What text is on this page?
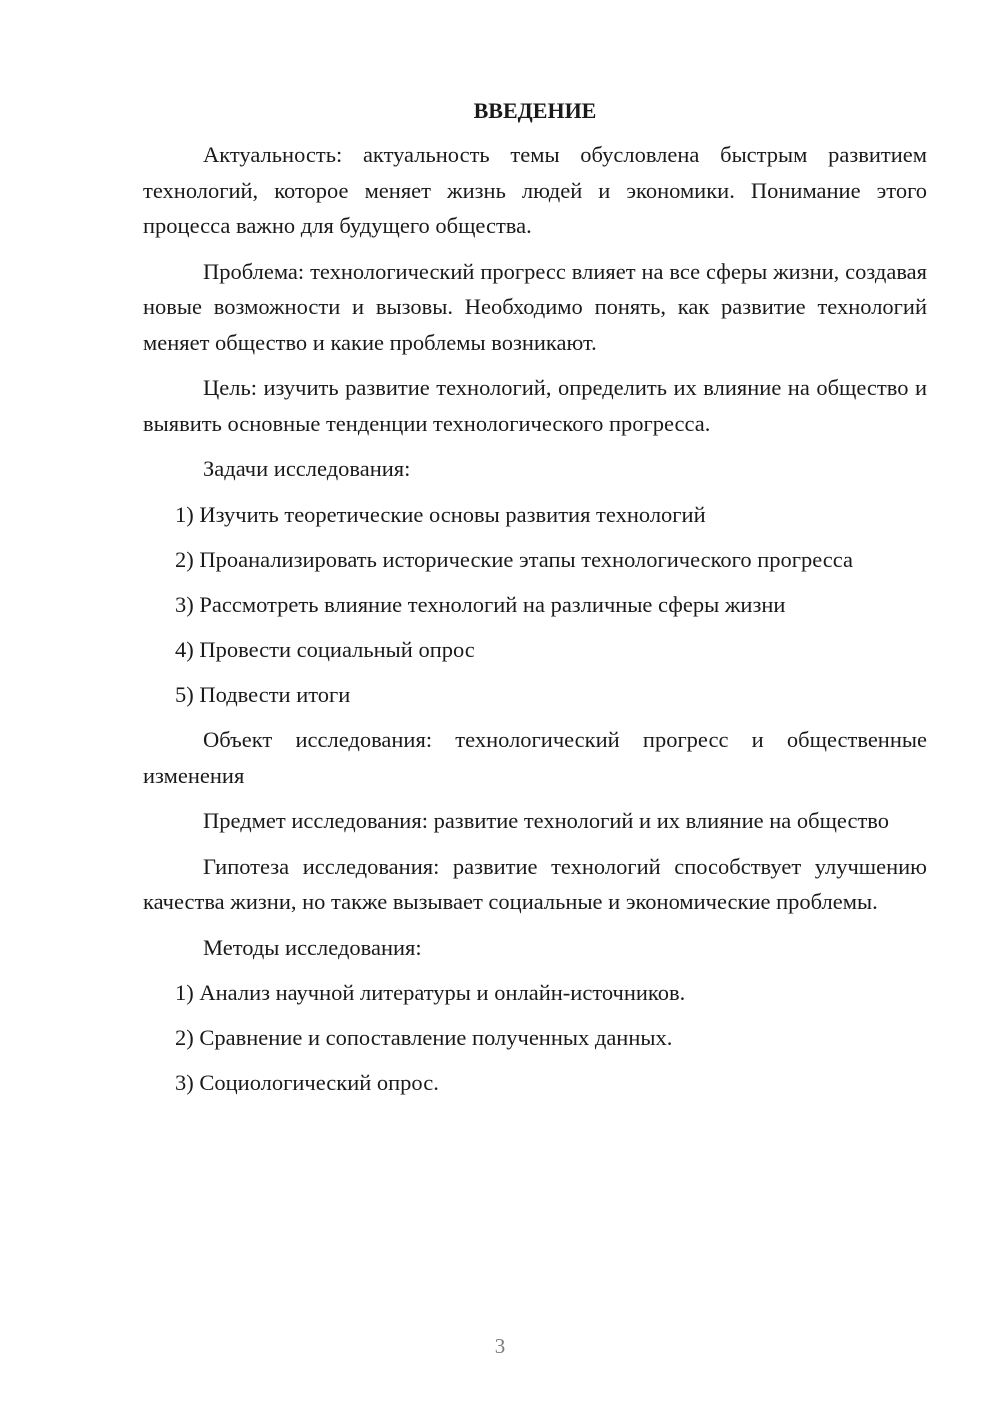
ВВЕДЕНИЕ

Актуальность: актуальность темы обусловлена быстрым развитием технологий, которое меняет жизнь людей и экономики. Понимание этого процесса важно для будущего общества.

Проблема: технологический прогресс влияет на все сферы жизни, создавая новые возможности и вызовы. Необходимо понять, как развитие технологий меняет общество и какие проблемы возникают.

Цель: изучить развитие технологий, определить их влияние на общество и выявить основные тенденции технологического прогресса.

Задачи исследования:

1) Изучить теоретические основы развития технологий
2) Проанализировать исторические этапы технологического прогресса
3) Рассмотреть влияние технологий на различные сферы жизни
4) Провести социальный опрос
5) Подвести итоги

Объект исследования: технологический прогресс и общественные изменения

Предмет исследования: развитие технологий и их влияние на общество

Гипотеза исследования: развитие технологий способствует улучшению качества жизни, но также вызывает социальные и экономические проблемы.

Методы исследования:

1) Анализ научной литературы и онлайн-источников.
2) Сравнение и сопоставление полученных данных.
3) Социологический опрос.
3
